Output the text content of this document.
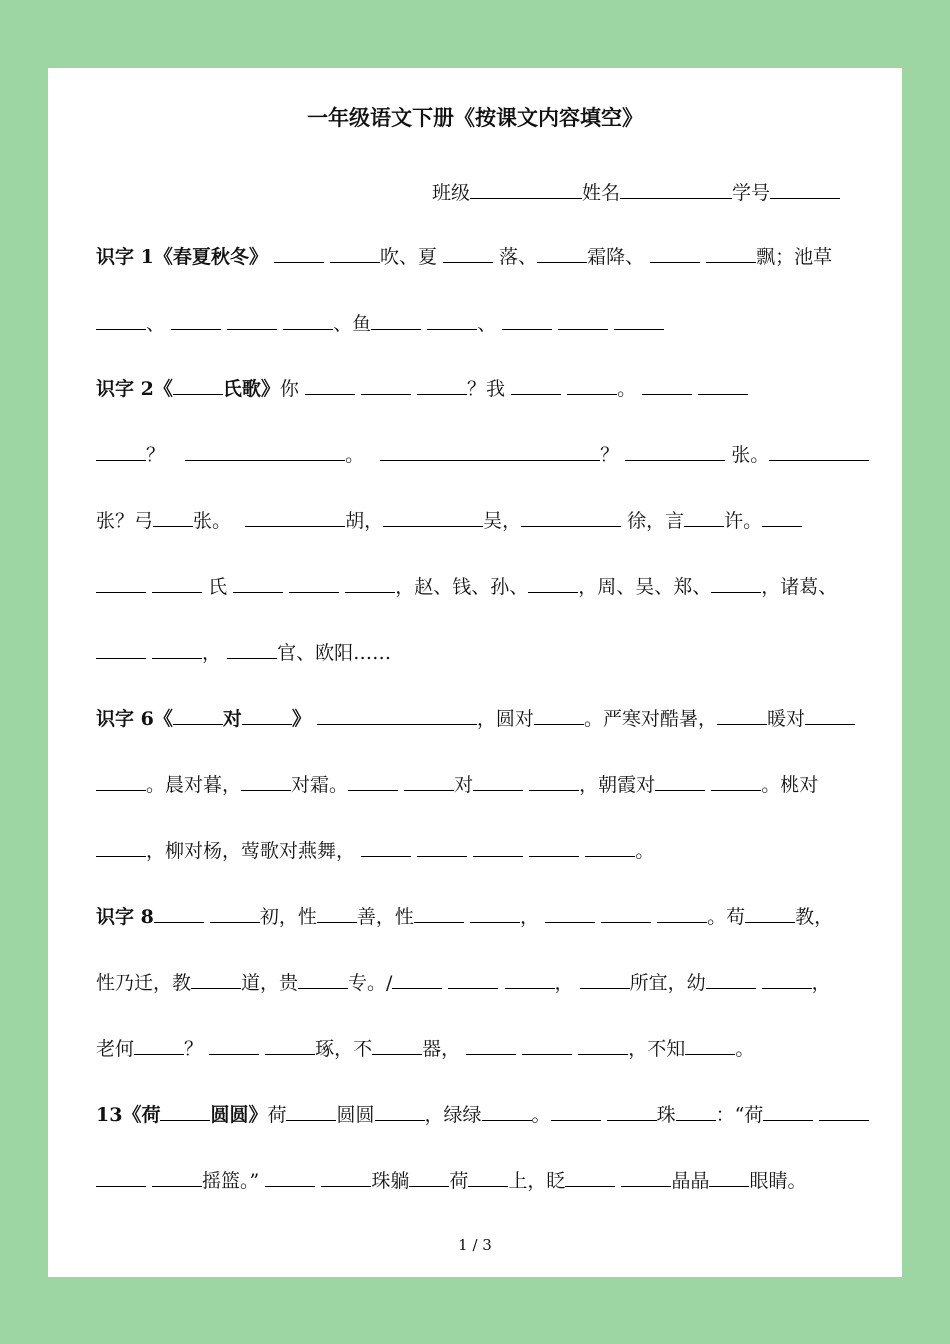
一年级语文下册《按课文内容填空》
班级	姓名	学号
识字 1《春夏秋冬》	吹、夏	落、	霜降、	飘；池草
、	、鱼	、
识字 2《	氏歌》你	？我	。
？	。	？	张。
张？弓 张。	胡，	吴，	徐，言 许。
氏	，赵、钱、孙、	，周、吴、郑、	，诸葛、
，	官、欧阳……
识字 6《	对	》	，圆对	。严寒对酷暑，	暖对
。晨对暮，	对霜。	对	，朝霞对	。桃对
，柳对杨，莺歌对燕舞，	。
识字 8	初，性 善，性	，	。苟	教，
性乃迁，教	道，贵	专。/	，	所宜，幼	，
老何	？	琢，不	器，	，不知	。
13《荷	圆圆》荷	圆圆	，绿绿	。	珠 ：“荷
摇篮。”	珠躺 荷 上，眨	晶晶 眼睛。
1 / 3
